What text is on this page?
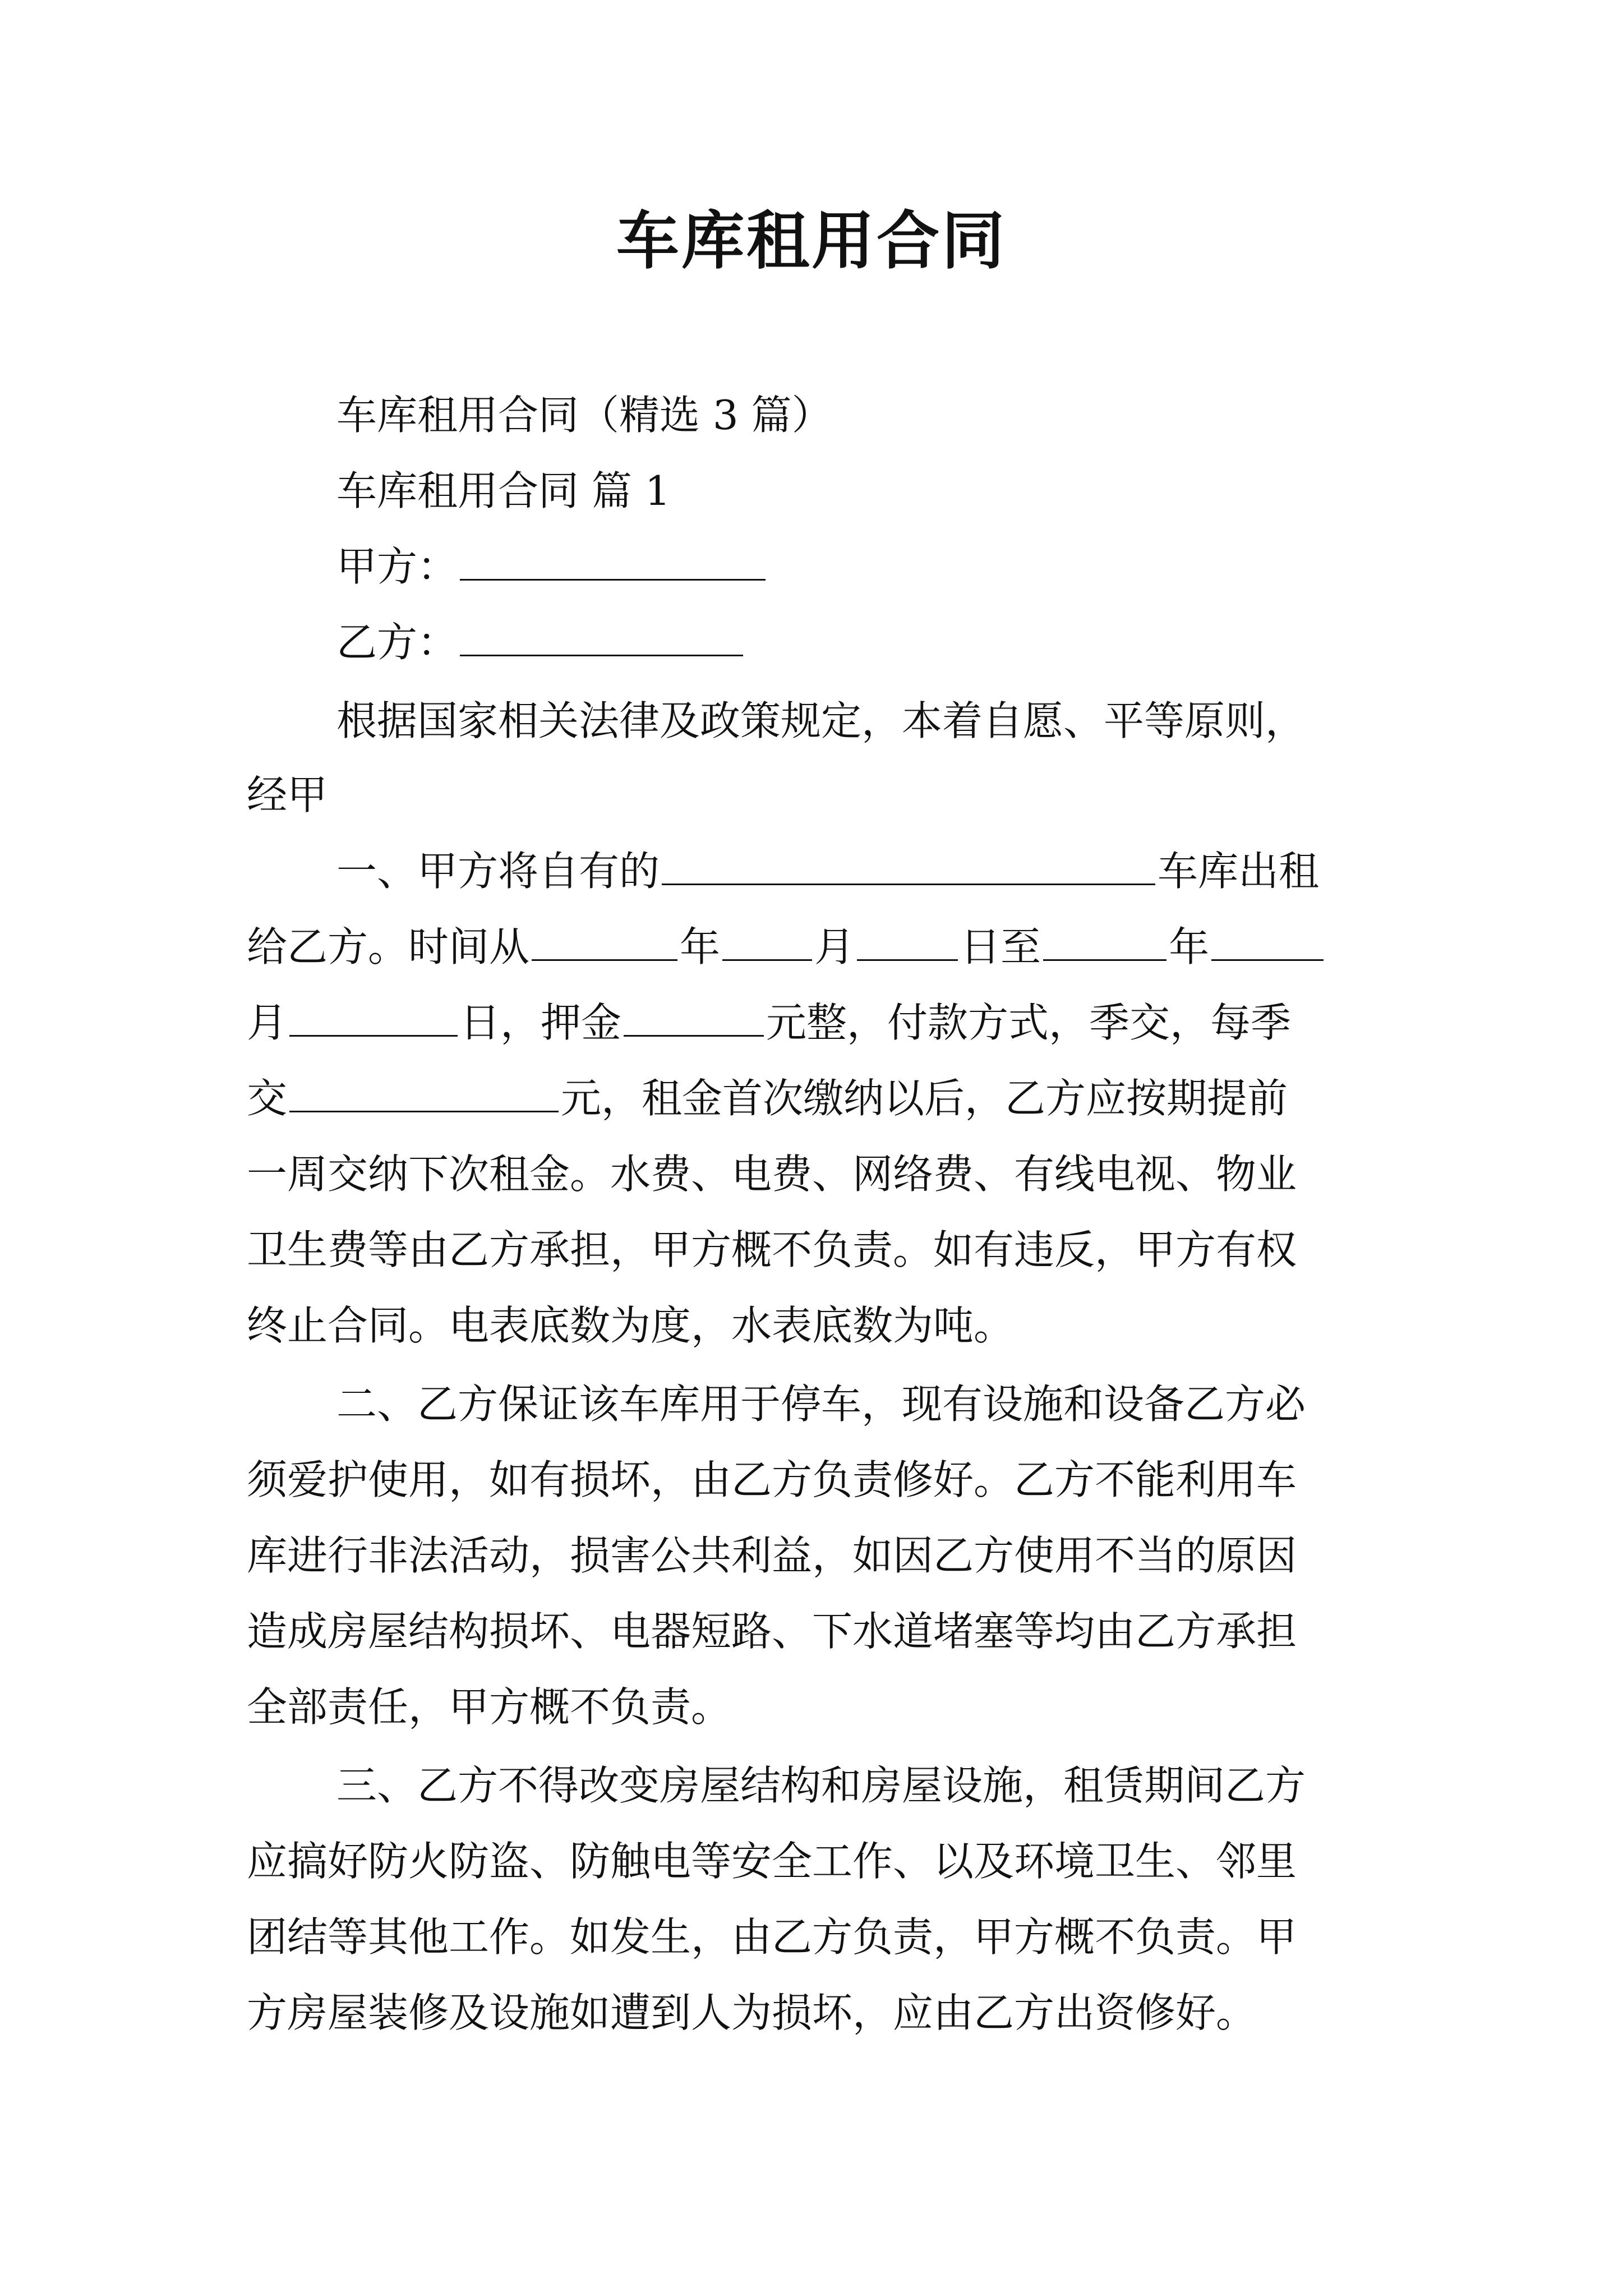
车库租用合同
车库租用合同（精选 3 篇）
车库租用合同 篇 1
甲方：
乙方：
根据国家相关法律及政策规定，本着自愿、平等原则，
经甲
一、甲方将自有的	车库出租
给乙方。时间从	年 月	日至	年
月	日，押金	元整，付款方式，季交，每季
交	元，租金首次缴纳以后，乙方应按期提前
一周交纳下次租金。水费、电费、网络费、有线电视、物业
卫生费等由乙方承担，甲方概不负责。如有违反，甲方有权
终止合同。电表底数为度，水表底数为吨。
二、乙方保证该车库用于停车，现有设施和设备乙方必
须爱护使用，如有损坏，由乙方负责修好。乙方不能利用车
库进行非法活动，损害公共利益，如因乙方使用不当的原因
造成房屋结构损坏、电器短路、下水道堵塞等均由乙方承担
全部责任，甲方概不负责。
三、乙方不得改变房屋结构和房屋设施，租赁期间乙方
应搞好防火防盗、防触电等安全工作、以及环境卫生、邻里
团结等其他工作。如发生，由乙方负责，甲方概不负责。甲
方房屋装修及设施如遭到人为损坏，应由乙方出资修好。
